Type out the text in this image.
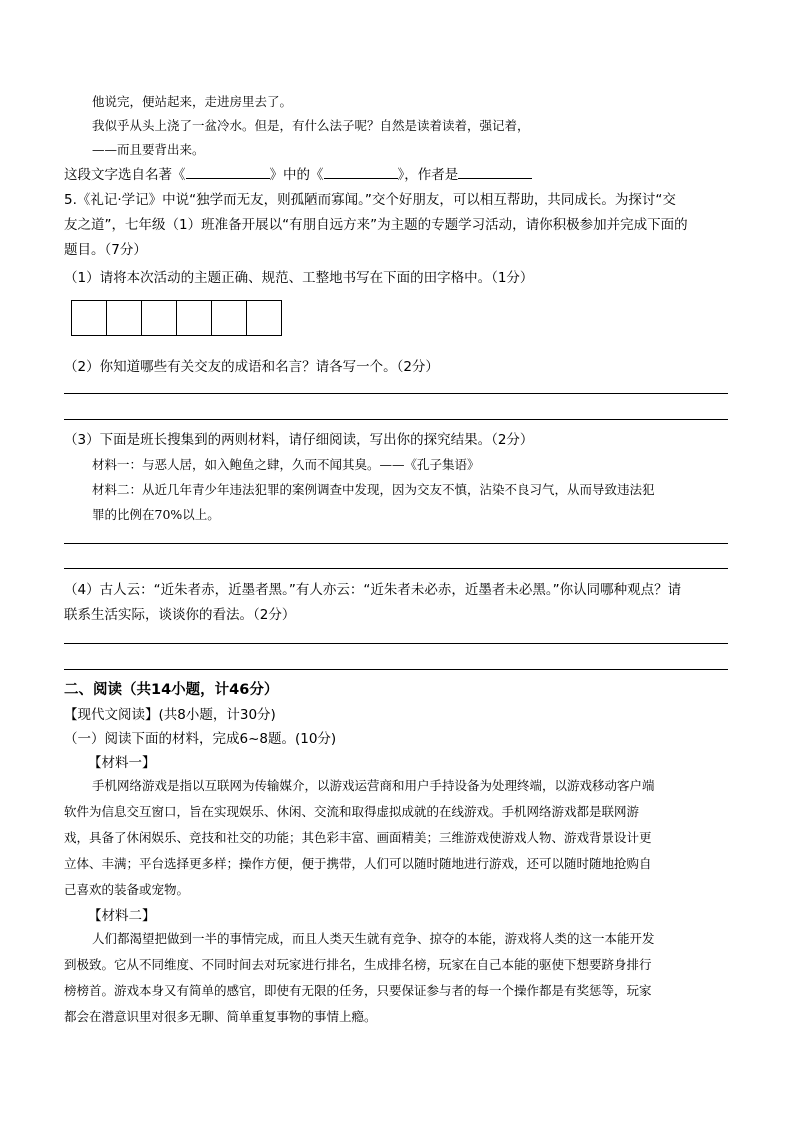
他说完，便站起来，走进房里去了。
我似乎从头上浇了一盆冷水。但是，有什么法子呢？自然是读着读着，强记着，
——而且要背出来。
这段文字选自名著《	》中的《	》，作者是
5.《礼记·学记》中说“独学而无友，则孤陋而寡闻。”交个好朋友，可以相互帮助，共同成长。为探讨“交
友之道”，七年级（1）班准备开展以“有朋自远方来”为主题的专题学习活动，请你积极参加并完成下面的
题目。（7分）
（1）请将本次活动的主题正确、规范、工整地书写在下面的田字格中。（1分）
（2）你知道哪些有关交友的成语和名言？请各写一个。（2分）
（3）下面是班长搜集到的两则材料，请仔细阅读，写出你的探究结果。（2分）
材料一：与恶人居，如入鲍鱼之肆，久而不闻其臭。——《孔子集语》
材料二：从近几年青少年违法犯罪的案例调查中发现，因为交友不慎，沾染不良习气，从而导致违法犯
罪的比例在70%以上。
（4）古人云：“近朱者赤，近墨者黑。”有人亦云：“近朱者未必赤，近墨者未必黑。”你认同哪种观点？请
联系生活实际，谈谈你的看法。（2分）
二、阅读（共14小题，计46分）
【现代文阅读】(共8小题，计30分)
（一）阅读下面的材料，完成6~8题。(10分)
【材料一】
手机网络游戏是指以互联网为传输媒介，以游戏运营商和用户手持设备为处理终端，以游戏移动客户端
软件为信息交互窗口，旨在实现娱乐、休闲、交流和取得虚拟成就的在线游戏。手机网络游戏都是联网游
戏，具备了休闲娱乐、竞技和社交的功能；其色彩丰富、画面精美；三维游戏使游戏人物、游戏背景设计更
立体、丰满；平台选择更多样；操作方便，便于携带，人们可以随时随地进行游戏，还可以随时随地抢购自
己喜欢的装备或宠物。
【材料二】
人们都渴望把做到一半的事情完成，而且人类天生就有竞争、掠夺的本能，游戏将人类的这一本能开发
到极致。它从不同维度、不同时间去对玩家进行排名，生成排名榜，玩家在自己本能的驱使下想要跻身排行
榜榜首。游戏本身又有简单的感官，即使有无限的任务，只要保证参与者的每一个操作都是有奖惩等，玩家
都会在潜意识里对很多无聊、简单重复事物的事情上瘾。
